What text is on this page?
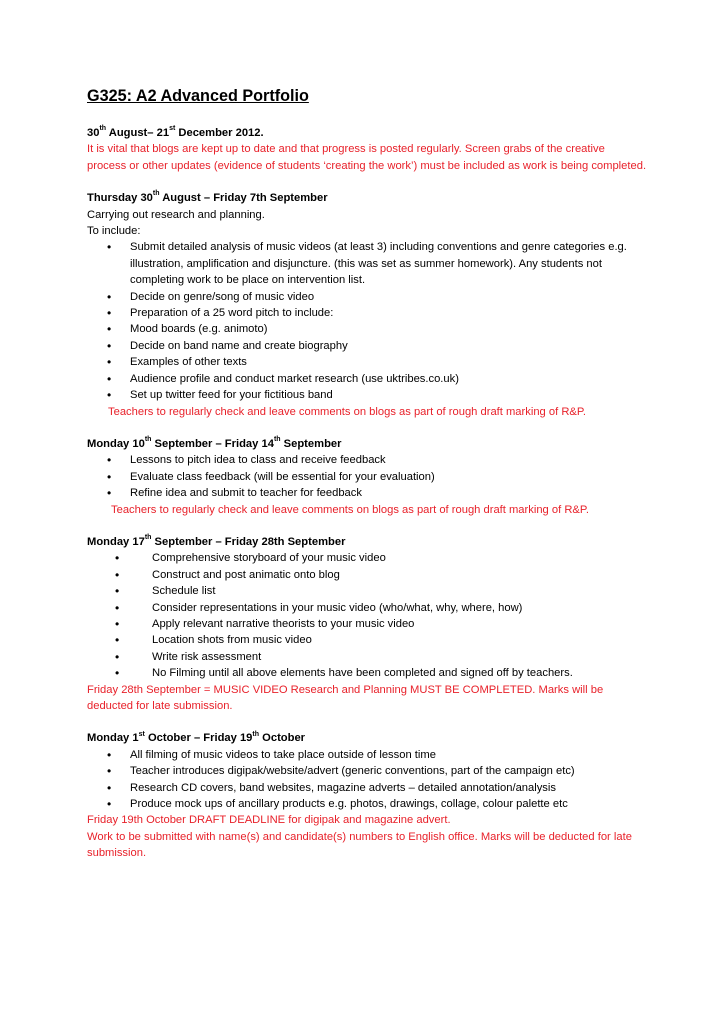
G325: A2 Advanced Portfolio
30th August– 21st December 2012.
It is vital that blogs are kept up to date and that progress is posted regularly. Screen grabs of the creative process or other updates (evidence of students ‘creating the work’) must be included as work is being completed.
Thursday 30th August – Friday 7th September
Carrying out research and planning.
To include:
• Submit detailed analysis of music videos (at least 3) including conventions and genre categories e.g. illustration, amplification and disjuncture. (this was set as summer homework). Any students not completing work to be place on intervention list.
• Decide on genre/song of music video
• Preparation of a 25 word pitch to include:
• Mood boards (e.g. animoto)
• Decide on band name and create biography
• Examples of other texts
• Audience profile and conduct market research (use uktribes.co.uk)
• Set up twitter feed for your fictitious band
Teachers to regularly check and leave comments on blogs as part of rough draft marking of R&P.
Monday 10th September – Friday 14th September
• Lessons to pitch idea to class and receive feedback
• Evaluate class feedback (will be essential for your evaluation)
• Refine idea and submit to teacher for feedback
Teachers to regularly check and leave comments on blogs as part of rough draft marking of R&P.
Monday 17th September – Friday 28th September
• Comprehensive storyboard of your music video
• Construct and post animatic onto blog
• Schedule list
• Consider representations in your music video (who/what, why, where, how)
• Apply relevant narrative theorists to your music video
• Location shots from music video
• Write risk assessment
• No Filming until all above elements have been completed and signed off by teachers.
Friday 28th September = MUSIC VIDEO Research and Planning MUST BE COMPLETED. Marks will be deducted for late submission.
Monday 1st October – Friday 19th October
• All filming of music videos to take place outside of lesson time
• Teacher introduces digipak/website/advert (generic conventions, part of the campaign etc)
• Research CD covers, band websites, magazine adverts – detailed annotation/analysis
• Produce mock ups of ancillary products e.g. photos, drawings, collage, colour palette etc
Friday 19th October DRAFT DEADLINE for digipak and magazine advert.
Work to be submitted with name(s) and candidate(s) numbers to English office. Marks will be deducted for late submission.
